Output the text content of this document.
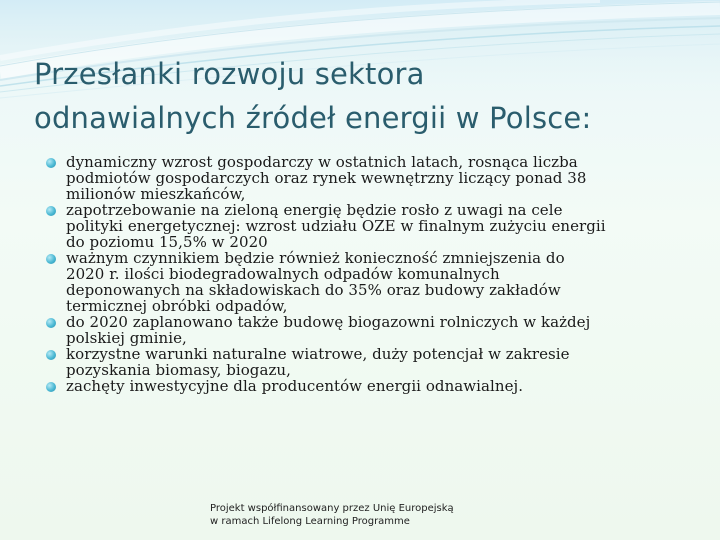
Przesłanki rozwoju sektora
odnawialnych źródeł energii w Polsce:
dynamiczny wzrost gospodarczy w ostatnich latach, rosnąca liczba
podmiotów gospodarczych oraz rynek wewnętrzny liczący ponad 38
milionów mieszkańców,
zapotrzebowanie na zieloną energię będzie rosło z uwagi na cele
polityki energetycznej: wzrost udziału OZE w finalnym zużyciu energii
do poziomu 15,5% w 2020
ważnym czynnikiem będzie również konieczność zmniejszenia do
2020 r. ilości biodegradowalnych odpadów komunalnych
deponowanych na składowiskach do 35% oraz budowy zakładów
termicznej obróbki odpadów,
do 2020 zaplanowano także budowę biogazowni rolniczych w każdej
polskiej gminie,
korzystne warunki naturalne wiatrowe, duży potencjał w zakresie
pozyskania biomasy, biogazu,
zachęty inwestycyjne dla producentów energii odnawialnej.
Projekt współfinansowany przez Unię Europejską
w ramach Lifelong Learning Programme
